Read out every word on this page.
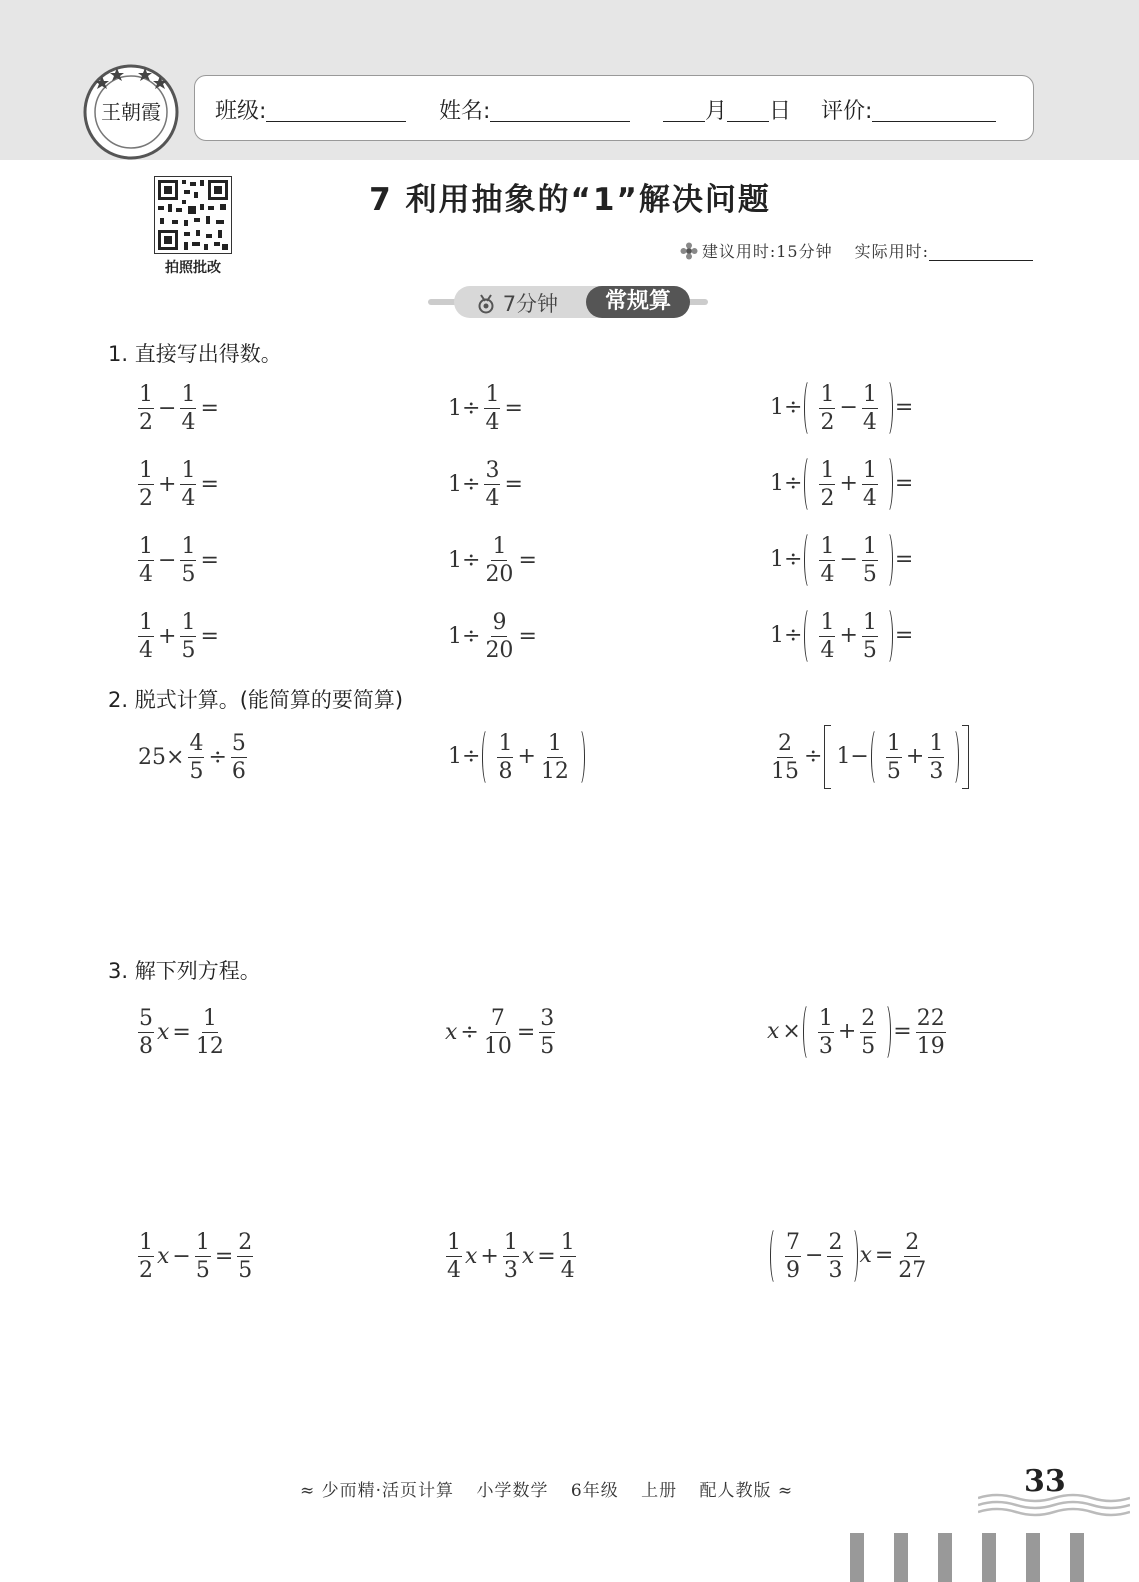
王朝霞 班级:	姓名:	月 日 评价:
拍照批改
7 利用抽象的“1”解决问题
建议用时:15分钟 实际用时:
7分钟	常规算
1. 直接写出得数。
2. 脱式计算。(能简算的要简算)
3. 解下列方程。
$\frac{1}{2} - \frac{1}{4}$ =	$1\div \frac{1}{4}$ =	$1\div \frac{1}{2} - \frac{1}{4}$ =
$\frac{1}{2} + \frac{1}{4}$ =	$1\div \frac{3}{4}$ =	$1\div \frac{1}{2} + \frac{1}{4}$ =
$\frac{1}{4} - \frac{1}{5}$ =	$1\div \frac{1}{20}$ =	$1\div \frac{1}{4} - \frac{1}{5}$ =
$\frac{1}{4} + \frac{1}{5}$ =	$1\div \frac{9}{20}$ =	$1\div \frac{1}{4} + \frac{1}{5}$ =
$25\times \frac{4}{5} \div \frac{5}{6}$	$1\div \frac{1}{8} + \frac{1}{12}$	$\frac{2}{15} \div 1- \frac{1}{5} + \frac{1}{3}$
$\frac{5}{8}$ $x = \frac{1}{12}$	$x \div \frac{7}{10} = \frac{3}{5}$	$x \times \frac{1}{3} + \frac{2}{5} = \frac{22}{19}$
$\frac{1}{2}$ $x - \frac{1}{5} = \frac{2}{5}$	$\frac{1}{4}$ $x + \frac{1}{3}$ $x = \frac{1}{4}$	$\frac{7}{9} - \frac{2}{3}$ $x = \frac{2}{27}$
≈ 少而精·活页计算 小学数学 6年级 上册 配人教版 ≈	33
